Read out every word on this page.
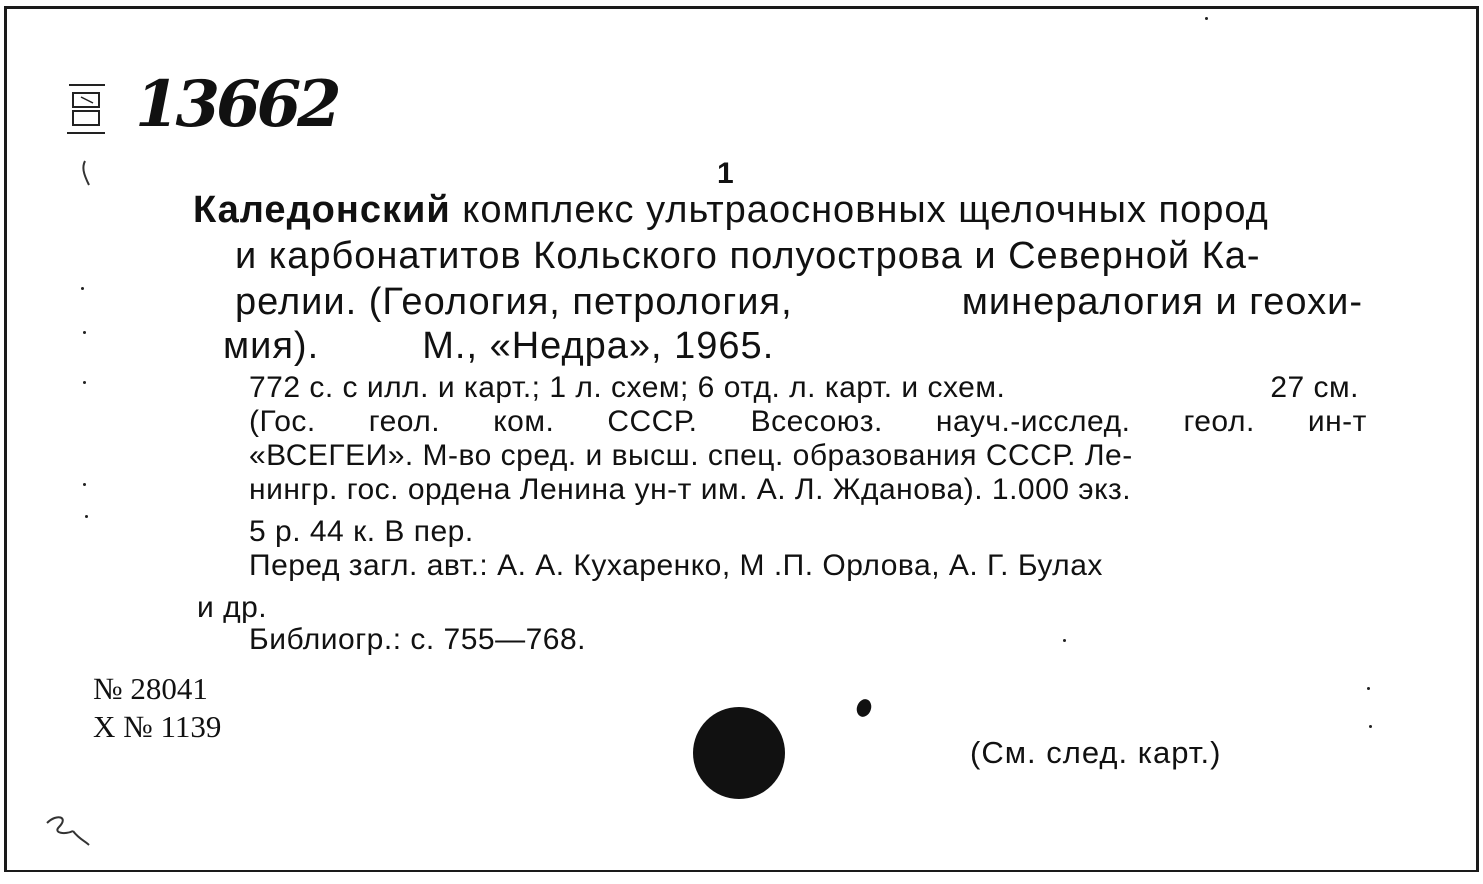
13662
1
Каледонский комплекс ультраосновных щелочных пород
и карбонатитов Кольского полуострова и Северной Ка-
релии. (Геология, петрология,	минералогия и геохи-
мия).	М., «Недра», 1965.
772 с. с илл. и карт.; 1 л. схем; 6 отд. л. карт. и схем.	27 см.
(Гос. геол. ком. СССР. Всесоюз. науч.-исслед. геол. ин-т
«ВСЕГЕИ». М-во сред. и высш. спец. образования СССР. Ле-
нингр. гос. ордена Ленина ун-т им. А. Л. Жданова). 1.000 экз.
5 р. 44 к. В пер.
Перед загл. авт.: А. А. Кухаренко, М .П. Орлова, А. Г. Булах
и др.
Библиогр.: с. 755—768.
№ 28041
Х № 1139
(См. след. карт.)
